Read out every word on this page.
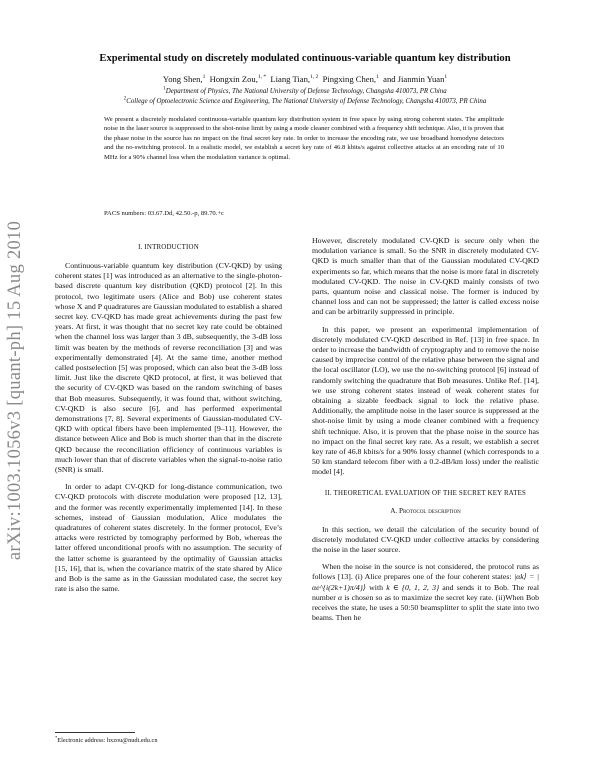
arXiv:1003.1056v3 [quant-ph] 15 Aug 2010
Experimental study on discretely modulated continuous-variable quantum key distribution
Yong Shen,$^1$ Hongxin Zou,$^{1, *}$ Liang Tian,$^{1, 2}$ Pingxing Chen,$^1$ and Jianmin Yuan$^1$
$^1$Department of Physics, The National University of Defense Technology, Changsha 410073, PR China
$^2$College of Optoelectronic Science and Engineering, The National University of Defense Technology, Changsha 410073, PR China
We present a discretely modulated continuous-variable quantum key distribution system in free space by using strong coherent states. The amplitude noise in the laser source is suppressed to the shot-noise limit by using a mode cleaner combined with a frequency shift technique. Also, it is proven that the phase noise in the source has no impact on the final secret key rate. In order to increase the encoding rate, we use broadband homodyne detectors and the no-switching protocol. In a realistic model, we establish a secret key rate of 46.8 kbits/s against collective attacks at an encoding rate of 10 MHz for a 90% channel loss when the modulation variance is optimal.
PACS numbers: 03.67.Dd, 42.50.-p, 89.70.+c
I. INTRODUCTION

Continuous-variable quantum key distribution (CV-QKD) by using coherent states [1] was introduced as an alternative to the single-photon-based discrete quantum key distribution (QKD) protocol [2]. In this protocol, two legitimate users (Alice and Bob) use coherent states whose X and P quadratures are Gaussian modulated to establish a shared secret key. CV-QKD has made great achievements during the past few years. At first, it was thought that no secret key rate could be obtained when the channel loss was larger than 3 dB, subsequently, the 3-dB loss limit was beaten by the methods of reverse reconciliation [3] and was experimentally demonstrated [4]. At the same time, another method called postselection [5] was proposed, which can also beat the 3-dB loss limit. Just like the discrete QKD protocol, at first, it was believed that the security of CV-QKD was based on the random switching of bases that Bob measures. Subsequently, it was found that, without switching, CV-QKD is also secure [6], and has performed experimental demonstrations [7, 8]. Several experiments of Gaussian-modulated CV-QKD with optical fibers have been implemented [9–11]. However, the distance between Alice and Bob is much shorter than that in the discrete QKD because the reconciliation efficiency of continuous variables is much lower than that of discrete variables when the signal-to-noise ratio (SNR) is small.

In order to adapt CV-QKD for long-distance communication, two CV-QKD protocols with discrete modulation were proposed [12, 13], and the former was recently experimentally implemented [14]. In these schemes, instead of Gaussian modulation, Alice modulates the quadratures of coherent states discretely. In the former protocol, Eve’s attacks were restricted by tomography performed by Bob, whereas the latter offered unconditional proofs with no assumption. The security of the latter scheme is guaranteed by the optimality of Gaussian attacks [15, 16], that is, when the covariance matrix of the state shared by Alice and Bob is the same as in the Gaussian modulated case, the secret key rate is also the same.

However, discretely modulated CV-QKD is secure only when the modulation variance is small. So the SNR in discretely modulated CV-QKD is much smaller than that of the Gaussian modulated CV-QKD experiments so far, which means that the noise is more fatal in discretely modulated CV-QKD. The noise in CV-QKD mainly consists of two parts, quantum noise and classical noise. The former is induced by channel loss and can not be suppressed; the latter is called excess noise and can be arbitrarily suppressed in principle.

In this paper, we present an experimental implementation of discretely modulated CV-QKD described in Ref. [13] in free space. In order to increase the bandwidth of cryptography and to remove the noise caused by imprecise control of the relative phase between the signal and the local oscillator (LO), we use the no-switching protocol [6] instead of randomly switching the quadrature that Bob measures. Unlike Ref. [14], we use strong coherent states instead of weak coherent states for obtaining a sizable feedback signal to lock the relative phase. Additionally, the amplitude noise in the laser source is suppressed at the shot-noise limit by using a mode cleaner combined with a frequency shift technique. Also, it is proven that the phase noise in the source has no impact on the final secret key rate. As a result, we establish a secret key rate of 46.8 kbits/s for a 90% lossy channel (which corresponds to a 50 km standard telecom fiber with a 0.2-dB/km loss) under the realistic model [4].

II. THEORETICAL EVALUATION OF THE SECRET KEY RATES
A. Protocol description

In this section, we detail the calculation of the security bound of discretely modulated CV-QKD under collective attacks by considering the noise in the laser source.

When the noise in the source is not considered, the protocol runs as follows [13]. (i) Alice prepares one of the four coherent states: |αk⟩ = |αe^{i(2k+1)π/4}⟩ with k ∈ {0, 1, 2, 3} and sends it to Bob. The real number α is chosen so as to maximize the secret key rate. (ii)When Bob receives the state, he uses a 50:50 beamsplitter to split the state into two beams. Then he

*Electronic address: hxzou@nudt.edu.cn
